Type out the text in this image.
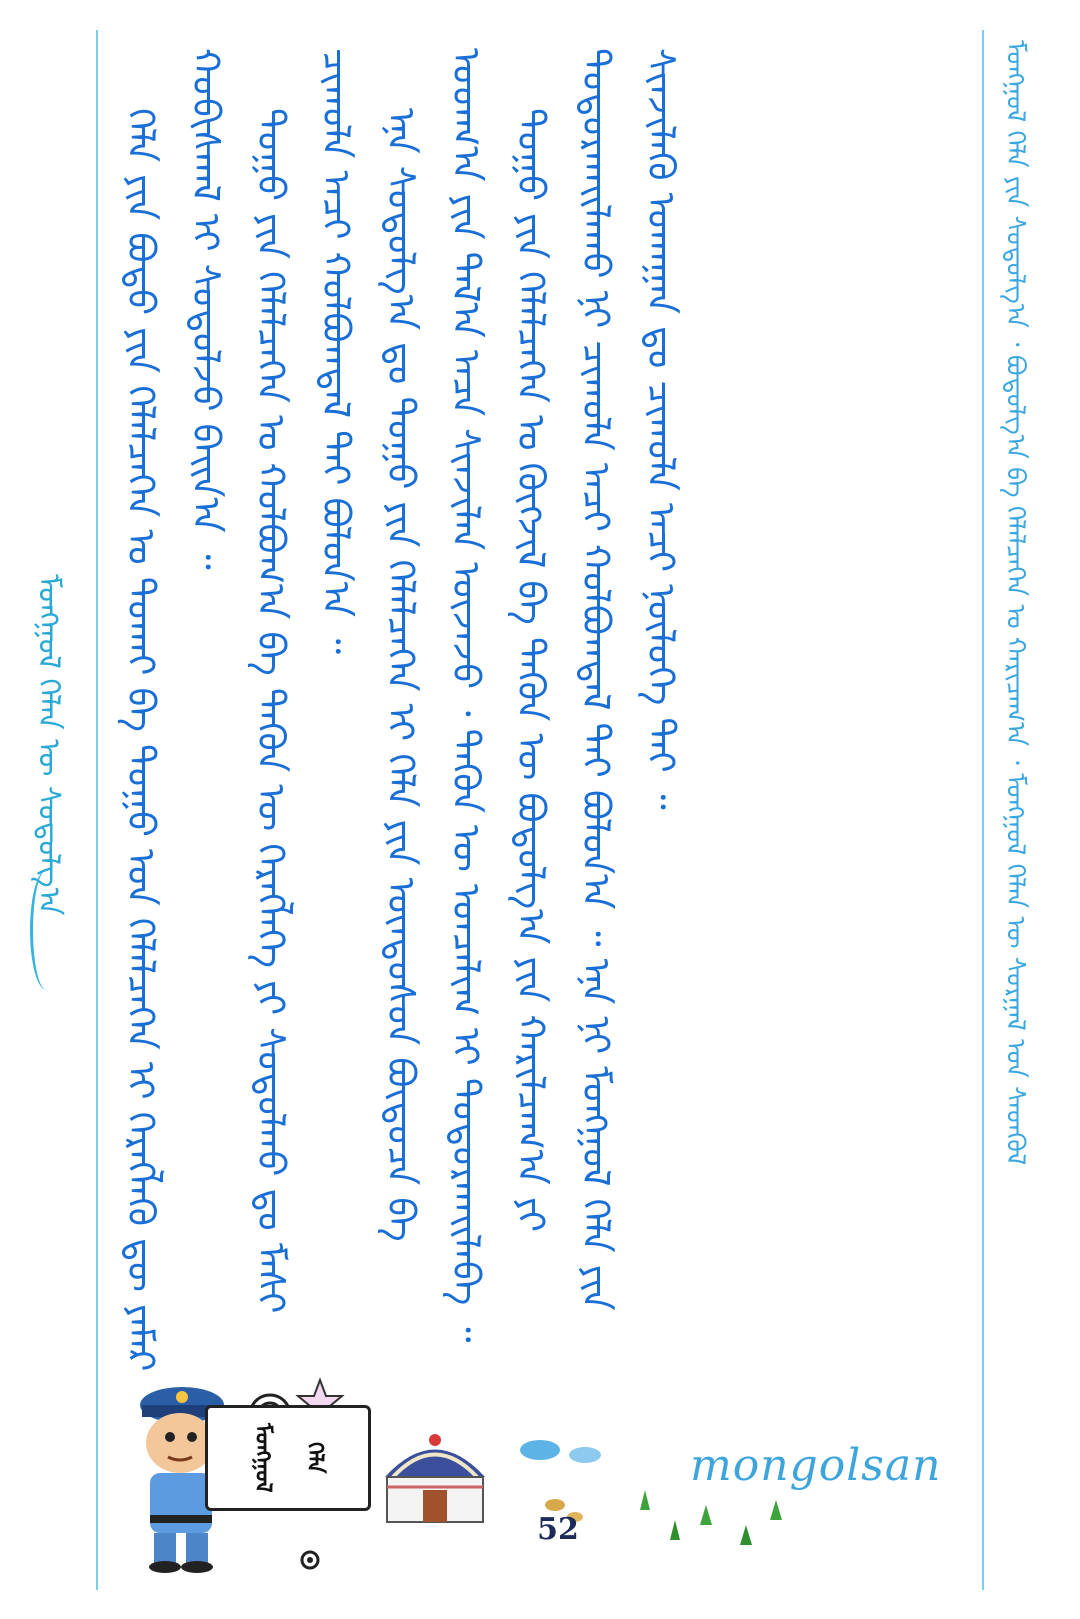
ᠮᠣᠩᠭᠣᠯ ᠬᠡᠯᠡᠨ ᠦ ᠰᠣᠳᠤᠯᠭ᠎ᠠ	ᠬᠡᠯᠡ ᠶᠢᠨ ᠪᠣᠳᠣ ᠶᠢᠨ ᠬᠡᠯᠡᠯᠴᠡᠭᠡᠨ ᠤ ᠲᠤᠬᠠᠢ ᠪᠠ ᠲᠣᠭᠤ ᠤᠨ ᠬᠡᠯᠡᠯᠴᠡᠭᠡᠨ ᠢ ᠬᠡᠷᠡᠭᠯᠡᠬᠦ ᠳᠦ ᠶᠠᠮᠠᠷ ᠬᠤᠪᠢᠰᠬᠠᠯ ᠢ ᠰᠤᠳᠤᠯᠵᠤ ᠪᠠᠢᠨ᠎ᠠ ᠃ ᠲᠣᠭᠤ ᠶᠢᠨ ᠬᠡᠯᠡᠯᠴᠡᠭᠡᠨ ᠤ ᠬᠣᠯᠪᠣᠭ᠎ᠠ ᠪᠠ ᠲᠡᠭᠦᠨ ᠦ ᠬᠡᠷᠡᠭᠯᠡᠭᠡ ᠶᠢ ᠰᠣᠳᠣᠯᠬᠣ ᠳᠤ ᠮᠠᠰᠢ ᠴᠢᠬᠤᠯᠠ ᠠᠴᠢ ᠬᠣᠯᠪᠣᠭᠳᠠᠯ ᠲᠠᠢ ᠪᠣᠯᠤᠨ᠎ᠠ ᠃ ᠡᠨᠡ ᠰᠣᠳᠣᠯᠭ᠎ᠠ ᠳᠤ ᠲᠣᠭᠤ ᠶᠢᠨ ᠬᠡᠯᠡᠯᠴᠡᠭᠡᠨ ᠢ ᠬᠡᠯᠡ ᠶᠢᠨ ᠦᠨᠳᠦᠰᠦᠨ ᠪᠦᠲᠦᠴᠡ ᠪᠠ ᠤᠳᠬ᠎ᠠ ᠶᠢᠨ ᠲᠠᠯ᠎ᠠ ᠠᠴᠠ ᠰᠢᠨᠵᠢᠯᠡᠨ ᠦᠵᠡᠵᠦ ᠂ ᠲᠡᠭᠦᠨ ᠦ ᠣᠨᠴᠠᠯᠢᠭ ᠢ ᠲᠣᠳᠣᠷᠬᠠᠢᠯᠠᠪᠠ ᠃ ᠲᠣᠭᠤ ᠶᠢᠨ ᠬᠡᠯᠡᠯᠴᠡᠭᠡᠨ ᠤ ᠬᠥᠭᠵᠢᠯ ᠪᠠ ᠲᠡᠭᠦᠨ ᠦ ᠪᠣᠳᠣᠯᠭ᠎ᠠ ᠶᠢᠨ ᠬᠠᠷᠢᠯᠴᠠᠭ᠎ᠠ ᠶᠢ ᠲᠣᠳᠣᠷᠬᠠᠢᠯᠠᠬᠤ ᠨᠢ ᠴᠢᠬᠤᠯᠠ ᠠᠴᠢ ᠬᠣᠯᠪᠣᠭᠳᠠᠯ ᠲᠠᠢ ᠪᠣᠯᠤᠨ᠎ᠠ ᠃ ᠡᠨᠡ ᠨᠢ ᠮᠣᠩᠭᠣᠯ ᠬᠡᠯᠡ ᠶᠢᠨ ᠰᠢᠨᠵᠢᠯᠡᠬᠦ ᠤᠬᠠᠭᠠᠨ ᠳᠤ ᠴᠢᠬᠤᠯᠠ ᠠᠴᠢ ᠨᠥᠯᠦᠭᠡ ᠲᠠᠢ ᠃	ᠮᠣᠩᠭᠣᠯ ᠬᠡᠯᠡ ᠶᠢᠨ ᠰᠣᠳᠣᠯᠭ᠎ᠠ ᠂ ᠪᠣᠳᠣᠯᠭ᠎ᠠ ᠪᠠ ᠬᠡᠯᠡᠯᠴᠡᠭᠡᠨ ᠤ ᠬᠠᠷᠢᠴᠠᠭ᠎ᠠ ᠂ ᠮᠣᠩᠭᠣᠯ ᠬᠡᠯᠡᠨ ᠦ ᠰᠤᠷᠭᠠᠯ ᠤᠨ ᠰᠡᠳᠬᠦᠯ
ᠮᠣᠩᠭᠣᠯ	ᠬᠡᠯᠡ
52
mongolsan
